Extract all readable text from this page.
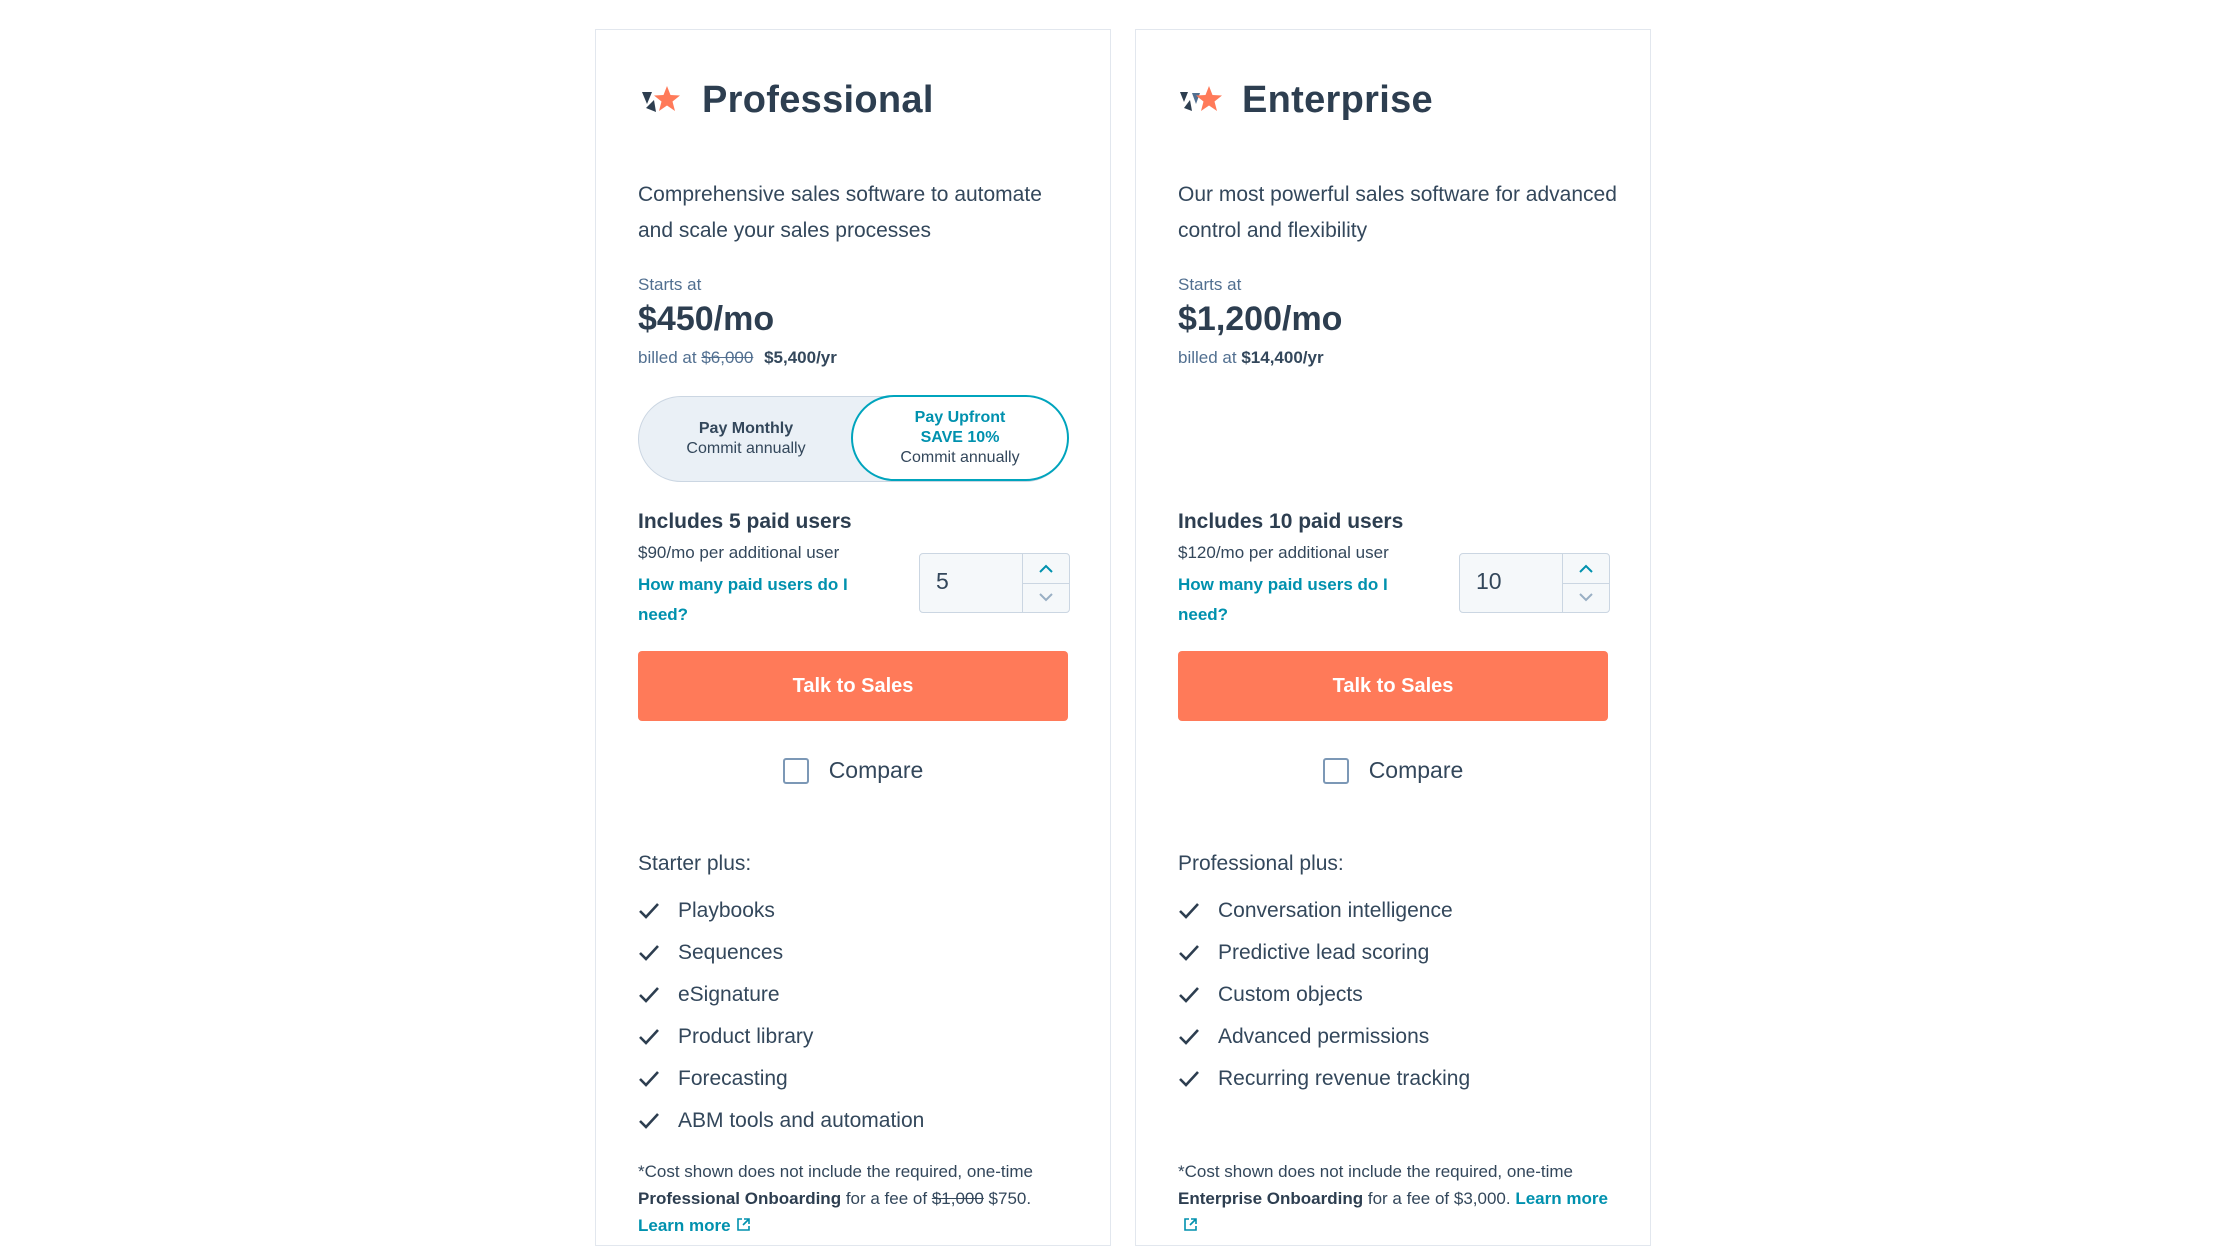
Professional
Comprehensive sales software to automate and scale your sales processes
Starts at
$450/mo
billed at $6,000 $5,400/yr
Pay Monthly
Commit annually
Pay Upfront
SAVE 10%
Commit annually
Includes 5 paid users
$90/mo per additional user
How many paid users do I need?
5
Talk to Sales
Compare
Starter plus:
Playbooks
Sequences
eSignature
Product library
Forecasting
ABM tools and automation
*Cost shown does not include the required, one-time Professional Onboarding for a fee of $1,000 $750. Learn more
Enterprise
Our most powerful sales software for advanced control and flexibility
Starts at
$1,200/mo
billed at $14,400/yr
Includes 10 paid users
$120/mo per additional user
How many paid users do I need?
10
Talk to Sales
Compare
Professional plus:
Conversation intelligence
Predictive lead scoring
Custom objects
Advanced permissions
Recurring revenue tracking
*Cost shown does not include the required, one-time Enterprise Onboarding for a fee of $3,000. Learn more
